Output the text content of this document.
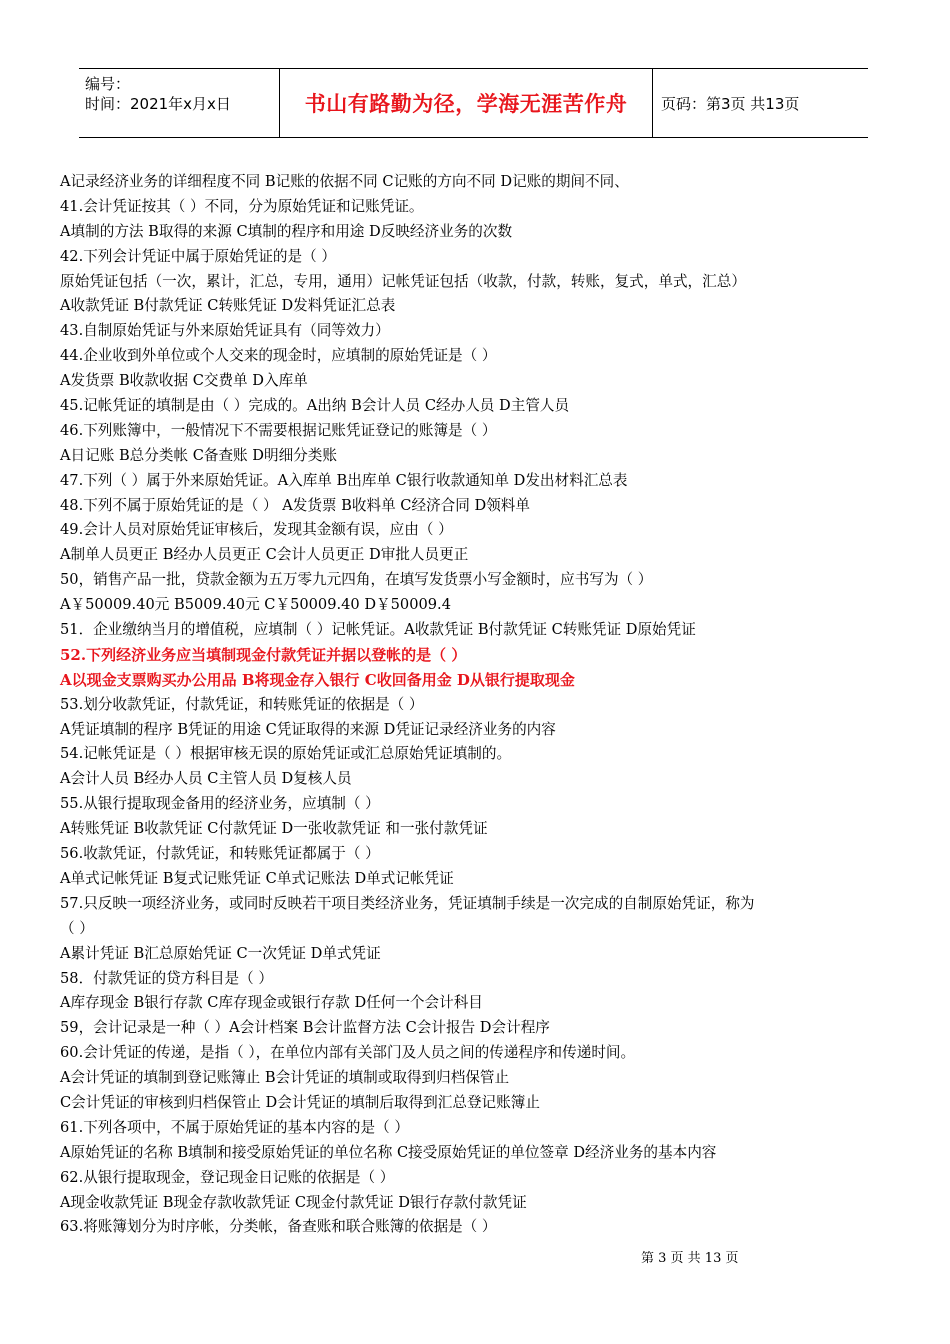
编号：
时间：2021年x月x日	书山有路勤为径，学海无涯苦作舟 页码：第3页 共13页
A记录经济业务的详细程度不同 B记账的依据不同 C记账的方向不同 D记账的期间不同、
41.会计凭证按其（ ）不同，分为原始凭证和记账凭证。
A填制的方法 B取得的来源 C填制的程序和用途 D反映经济业务的次数
42.下列会计凭证中属于原始凭证的是（ ）
原始凭证包括（一次，累计，汇总，专用，通用）记帐凭证包括（收款，付款，转账，复式，单式，汇总）
A收款凭证 B付款凭证 C转账凭证 D发料凭证汇总表
43.自制原始凭证与外来原始凭证具有（同等效力）
44.企业收到外单位或个人交来的现金时，应填制的原始凭证是（ ）
A发货票 B收款收据 C交费单 D入库单
45.记帐凭证的填制是由（ ）完成的。A出纳 B会计人员 C经办人员 D主管人员
46.下列账簿中，一般情况下不需要根据记账凭证登记的账簿是（ ）
A日记账 B总分类帐 C备查账 D明细分类账
47.下列（ ）属于外来原始凭证。A入库单 B出库单 C银行收款通知单 D发出材料汇总表
48.下列不属于原始凭证的是（ ） A发货票 B收料单 C经济合同 D领料单
49.会计人员对原始凭证审核后，发现其金额有误，应由（ ）
A制单人员更正 B经办人员更正 C会计人员更正 D审批人员更正
50，销售产品一批，贷款金额为五万零九元四角，在填写发货票小写金额时，应书写为（ ）
A￥50009.40元 B5009.40元 C￥50009.40 D￥50009.4
51．企业缴纳当月的增值税，应填制（ ）记帐凭证。A收款凭证 B付款凭证 C转账凭证 D原始凭证
52.下列经济业务应当填制现金付款凭证并据以登帐的是（ ）
A以现金支票购买办公用品 B将现金存入银行 C收回备用金 D从银行提取现金
53.划分收款凭证，付款凭证，和转账凭证的依据是（ ）
A凭证填制的程序 B凭证的用途 C凭证取得的来源 D凭证记录经济业务的内容
54.记帐凭证是（ ）根据审核无误的原始凭证或汇总原始凭证填制的。
A会计人员 B经办人员 C主管人员 D复核人员
55.从银行提取现金备用的经济业务，应填制（ ）
A转账凭证 B收款凭证 C付款凭证 D一张收款凭证 和一张付款凭证
56.收款凭证，付款凭证，和转账凭证都属于（ ）
A单式记帐凭证 B复式记账凭证 C单式记账法 D单式记帐凭证
57.只反映一项经济业务，或同时反映若干项目类经济业务，凭证填制手续是一次完成的自制原始凭证，称为
（ ）
A累计凭证 B汇总原始凭证 C一次凭证 D单式凭证
58．付款凭证的贷方科目是（ ）
A库存现金 B银行存款 C库存现金或银行存款 D任何一个会计科目
59，会计记录是一种（ ）A会计档案 B会计监督方法 C会计报告 D会计程序
60.会计凭证的传递，是指（ ），在单位内部有关部门及人员之间的传递程序和传递时间。
A会计凭证的填制到登记账簿止 B会计凭证的填制或取得到归档保管止
C会计凭证的审核到归档保管止 D会计凭证的填制后取得到汇总登记账簿止
61.下列各项中，不属于原始凭证的基本内容的是（ ）
A原始凭证的名称 B填制和接受原始凭证的单位名称 C接受原始凭证的单位签章 D经济业务的基本内容
62.从银行提取现金，登记现金日记账的依据是（ ）
A现金收款凭证 B现金存款收款凭证 C现金付款凭证 D银行存款付款凭证
63.将账簿划分为时序帐，分类帐，备查账和联合账簿的依据是（ ）
第 3 页 共 13 页
